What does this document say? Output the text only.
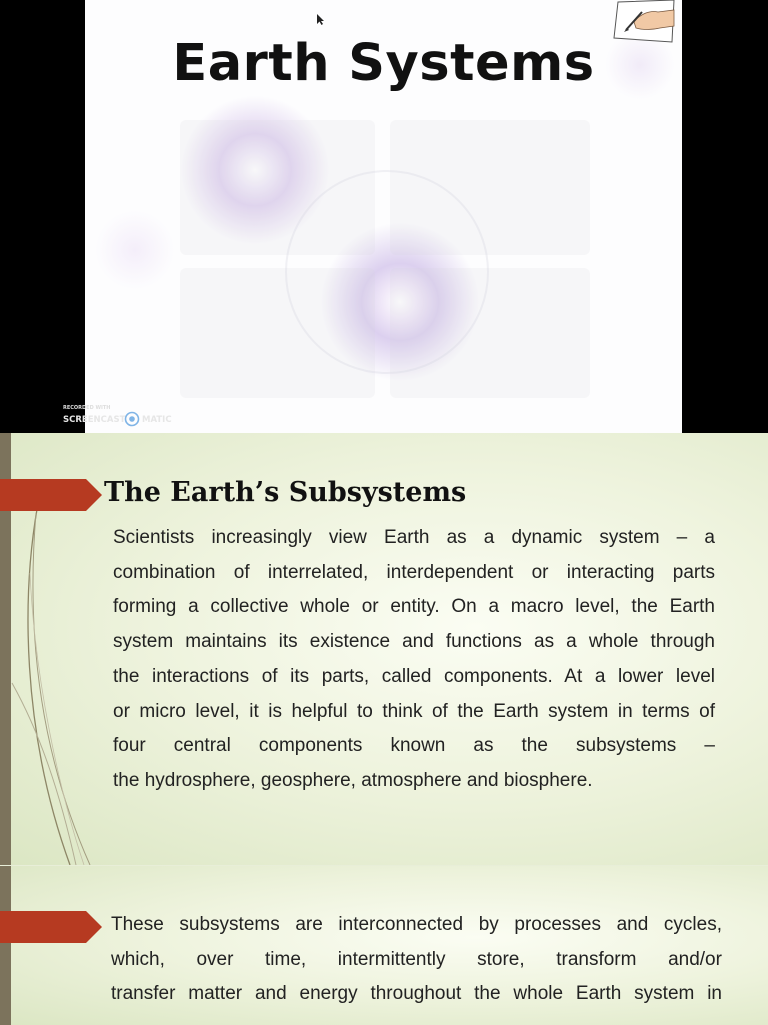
Earth Systems
RECORDED WITH
SCREENCAST MATIC
The Earth’s Subsystems
Scientists increasingly view Earth as a dynamic system – a
combination of interrelated, interdependent or interacting parts
forming a collective whole or entity. On a macro level, the Earth
system maintains its existence and functions as a whole through
the interactions of its parts, called components. At a lower level
or micro level, it is helpful to think of the Earth system in terms of
four central components known as the subsystems –
the hydrosphere, geosphere, atmosphere and biosphere.
These subsystems are interconnected by processes and cycles,
which, over time, intermittently store, transform and/or
transfer matter and energy throughout the whole Earth system in
